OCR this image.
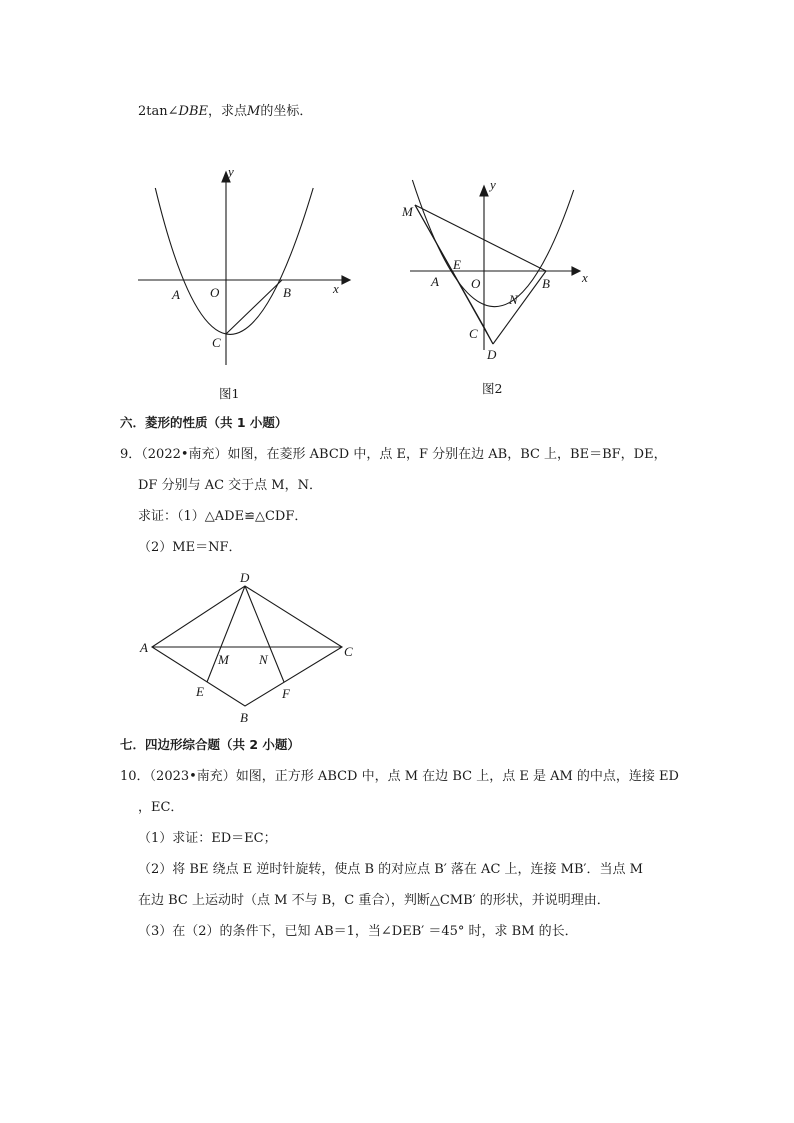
2tan∠DBE，求点M的坐标．
y
x
A O	B
C
图1
y
x
M
E
A O	B
N
C
D
图2
六．菱形的性质（共 1 小题）
9．（2022•南充）如图，在菱形 ABCD 中，点 E，F 分别在边 AB，BC 上，BE＝BF，DE，
DF 分别与 AC 交于点 M，N．
求证：（1）△ADE≌△CDF．
（2）ME＝NF．
D
A
M N
C
E	F
B
七．四边形综合题（共 2 小题）
10．（2023•南充）如图，正方形 ABCD 中，点 M 在边 BC 上，点 E 是 AM 的中点，连接 ED
，EC．
（1）求证：ED＝EC；
（2）将 BE 绕点 E 逆时针旋转，使点 B 的对应点 B′ 落在 AC 上，连接 MB′．当点 M
在边 BC 上运动时（点 M 不与 B，C 重合），判断△CMB′ 的形状，并说明理由．
（3）在（2）的条件下，已知 AB＝1，当∠DEB′ ＝45° 时，求 BM 的长．
